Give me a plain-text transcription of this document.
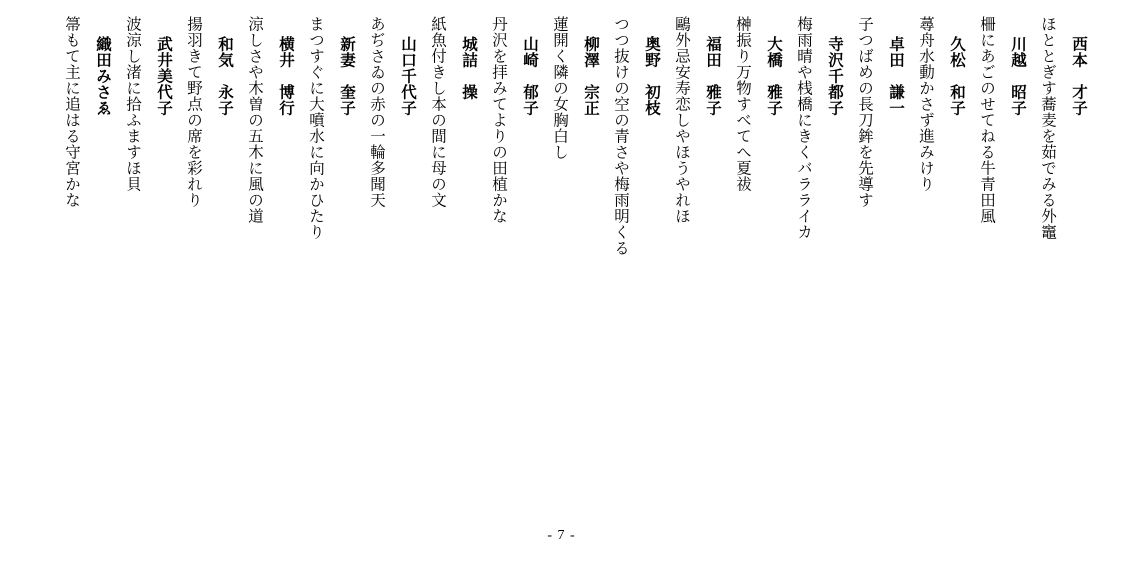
西本　才子
ほととぎす蕎麦を茹でみる外竈
川越　昭子
柵にあごのせてねる牛青田風
久松　和子
蕁舟水動かさず進みけり
卓田　謙一
子つばめの長刀鉾を先導す
寺沢千都子
梅雨晴や桟橋にきくバラライカ
大橋　雅子
榊振り万物すべてへ夏祓
福田　雅子
鷗外忌安寿恋しやほうやれほ
奥野　初枝
つつ抜けの空の青さや梅雨明くる
柳澤　宗正
蓮開く隣の女胸白し
山崎　郁子
丹沢を拝みてよりの田植かな
城詰　操
紙魚付きし本の間に母の文
山口千代子
あぢさゐの赤の一輪多聞天
新妻　奎子
まつすぐに大噴水に向かひたり
横井　博行
涼しさや木曽の五木に風の道
和気　永子
揚羽きて野点の席を彩れり
武井美代子
波涼し渚に拾ふますほ貝
織田みさゑ
箒もて主に追はる守宮かな
- 7 -
